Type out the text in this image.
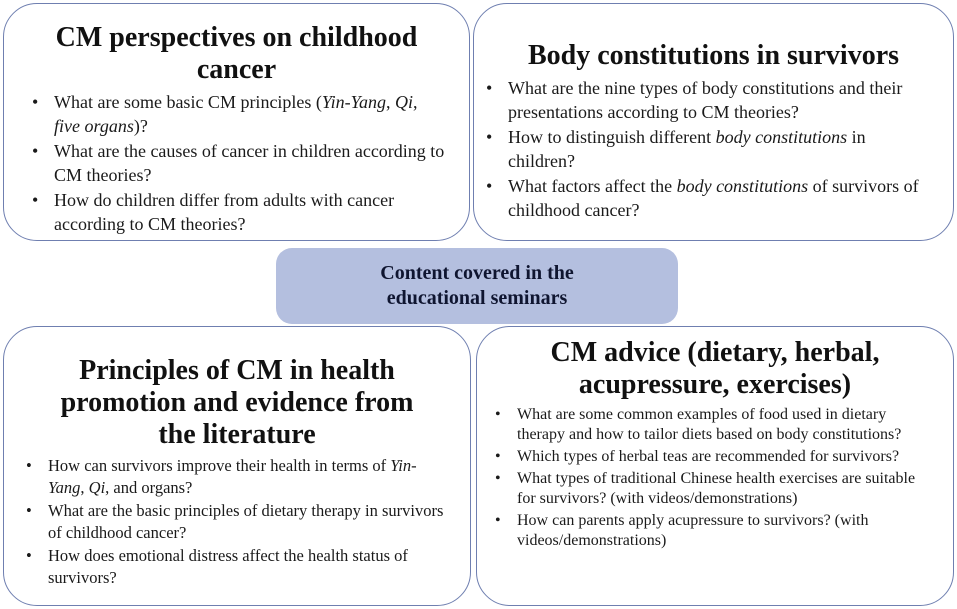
CM perspectives on childhood
cancer
• What are some basic CM principles (Yin-Yang, Qi, five organs)?
• What are the causes of cancer in children according to CM theories?
• How do children differ from adults with cancer according to CM theories?
Body constitutions in survivors
• What are the nine types of body constitutions and their presentations according to CM theories?
• How to distinguish different body constitutions in children?
• What factors affect the body constitutions of survivors of childhood cancer?
Content covered in the
educational seminars
Principles of CM in health
promotion and evidence from
the literature
• How can survivors improve their health in terms of Yin-Yang, Qi, and organs?
• What are the basic principles of dietary therapy in survivors of childhood cancer?
• How does emotional distress affect the health status of survivors?
CM advice (dietary, herbal,
acupressure, exercises)
• What are some common examples of food used in dietary therapy and how to tailor diets based on body constitutions?
• Which types of herbal teas are recommended for survivors?
• What types of traditional Chinese health exercises are suitable for survivors? (with videos/demonstrations)
• How can parents apply acupressure to survivors? (with videos/demonstrations)
